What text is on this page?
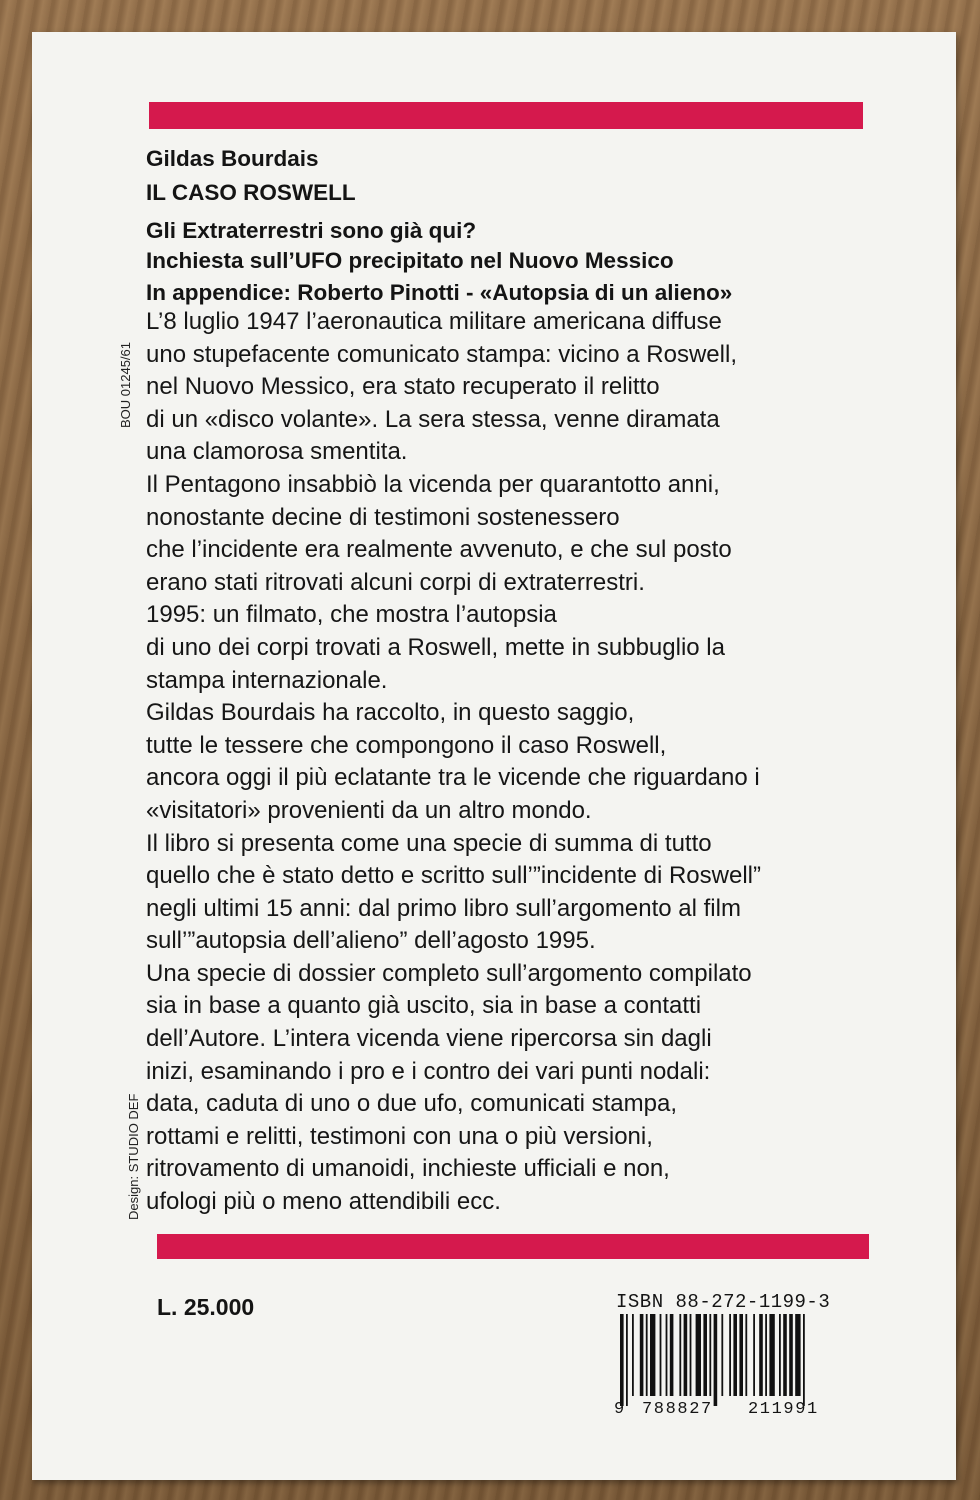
Gildas Bourdais
IL CASO ROSWELL
Gli Extraterrestri sono già qui?
Inchiesta sull’UFO precipitato nel Nuovo Messico
In appendice: Roberto Pinotti - «Autopsia di un alieno»
BOU 01245/61

L’8 luglio 1947 l’aeronautica militare americana diffuse
uno stupefacente comunicato stampa: vicino a Roswell,
nel Nuovo Messico, era stato recuperato il relitto
di un «disco volante». La sera stessa, venne diramata
una clamorosa smentita.

Il Pentagono insabbiò la vicenda per quarantotto anni,
nonostante decine di testimoni sostenessero
che l’incidente era realmente avvenuto, e che sul posto
erano stati ritrovati alcuni corpi di extraterrestri.

1995: un filmato, che mostra l’autopsia
di uno dei corpi trovati a Roswell, mette in subbuglio la
stampa internazionale.

Gildas Bourdais ha raccolto, in questo saggio,
tutte le tessere che compongono il caso Roswell,
ancora oggi il più eclatante tra le vicende che riguardano i
«visitatori» provenienti da un altro mondo.

Il libro si presenta come una specie di summa di tutto
quello che è stato detto e scritto sull’”incidente di Roswell”
negli ultimi 15 anni: dal primo libro sull’argomento al film
sull’”autopsia dell’alieno” dell’agosto 1995.

Una specie di dossier completo sull’argomento compilato
sia in base a quanto già uscito, sia in base a contatti
dell’Autore. L’intera vicenda viene ripercorsa sin dagli
inizi, esaminando i pro e i contro dei vari punti nodali:
data, caduta di uno o due ufo, comunicati stampa,
rottami e relitti, testimoni con una o più versioni,
ritrovamento di umanoidi, inchieste ufficiali e non,
ufologi più o meno attendibili ecc.

Design: STUDIO DEF
L. 25.000	ISBN 88-272-1199-3
9 788827 211991
